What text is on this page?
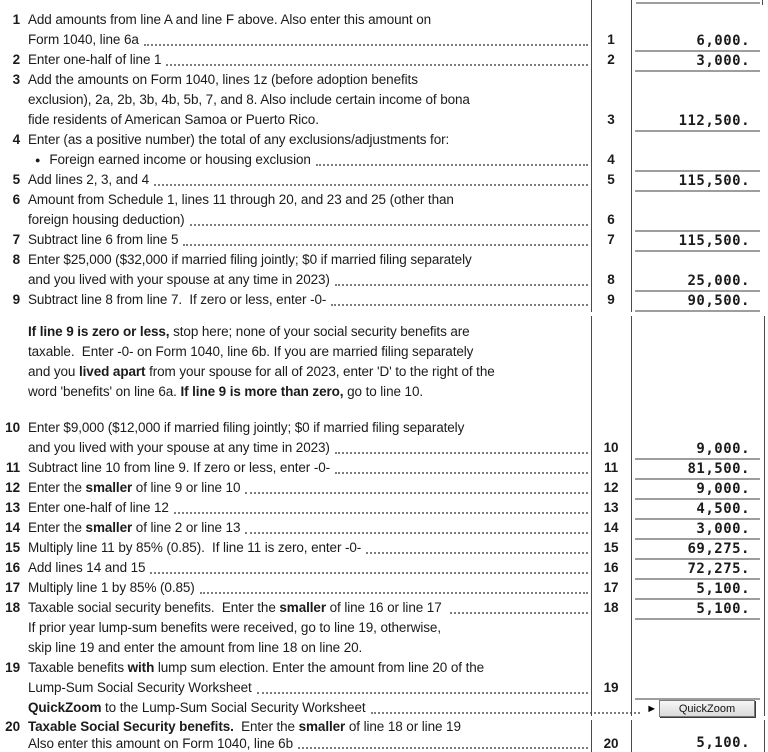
1 Add amounts from line A and line F above. Also enter this amount on
Form 1040, line 6a	1	6,000.
2 Enter one-half of line 1	2	3,000.
3 Add the amounts on Form 1040, lines 1z (before adoption benefits
exclusion), 2a, 2b, 3b, 4b, 5b, 7, and 8. Also include certain income of bona
fide residents of American Samoa or Puerto Rico.	3	112,500.
4 Enter (as a positive number) the total of any exclusions/adjustments for:
● Foreign earned income or housing exclusion	4
5 Add lines 2, 3, and 4	5	115,500.
6 Amount from Schedule 1, lines 11 through 20, and 23 and 25 (other than
foreign housing deduction)	6
7 Subtract line 6 from line 5	7	115,500.
8 Enter $25,000 ($32,000 if married filing jointly; $0 if married filing separately
and you lived with your spouse at any time in 2023)	8	25,000.
9 Subtract line 8 from line 7.  If zero or less, enter -0-	9	90,500.
If line 9 is zero or less, stop here; none of your social security benefits are
taxable.  Enter -0- on Form 1040, line 6b. If you are married filing separately
and you lived apart from your spouse for all of 2023, enter 'D' to the right of the
word 'benefits' on line 6a. If line 9 is more than zero, go to line 10.
10 Enter $9,000 ($12,000 if married filing jointly; $0 if married filing separately
and you lived with your spouse at any time in 2023)	10	9,000.
11 Subtract line 10 from line 9. If zero or less, enter -0-	11	81,500.
12 Enter the smaller of line 9 or line 10	12	9,000.
13 Enter one-half of line 12	13	4,500.
14 Enter the smaller of line 2 or line 13	14	3,000.
15 Multiply line 11 by 85% (0.85).  If line 11 is zero, enter -0-	15	69,275.
16 Add lines 14 and 15	16	72,275.
17 Multiply line 1 by 85% (0.85)	17	5,100.
18 Taxable social security benefits.  Enter the smaller of line 16 or line 17	18	5,100.
If prior year lump-sum benefits were received, go to line 19, otherwise,
skip line 19 and enter the amount from line 18 on line 20.
19 Taxable benefits with lump sum election. Enter the amount from line 20 of the
Lump-Sum Social Security Worksheet	19
QuickZoom to the Lump-Sum Social Security Worksheet	►	QuickZoom
20 Taxable Social Security benefits. Enter the smaller of line 18 or line 19
Also enter this amount on Form 1040, line 6b	20	5,100.
